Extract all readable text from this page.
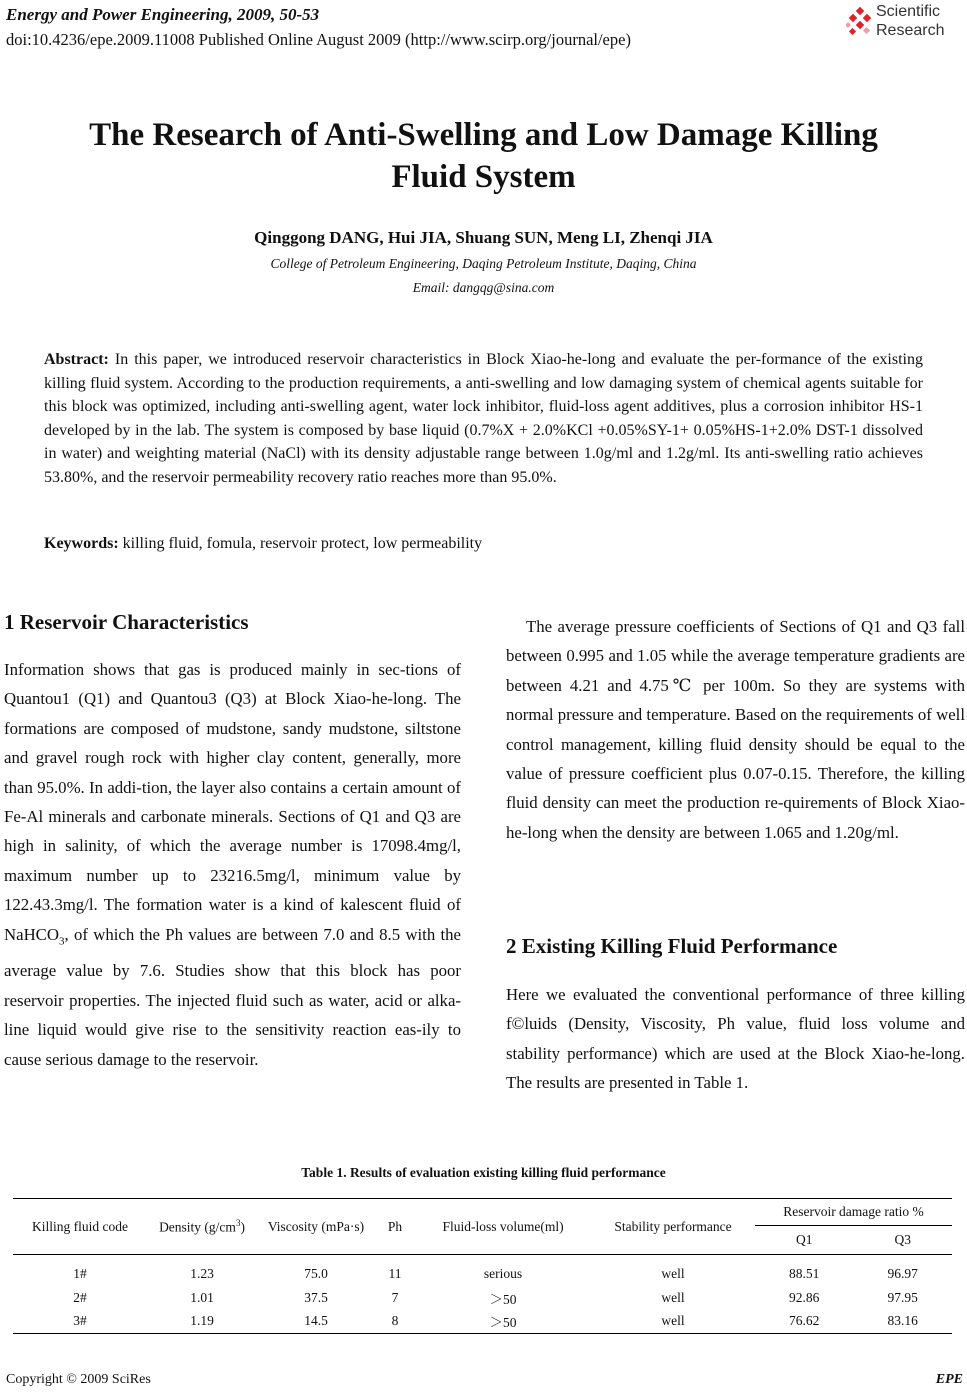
Energy and Power Engineering, 2009, 50-53
doi:10.4236/epe.2009.11008 Published Online August 2009 (http://www.scirp.org/journal/epe)
Scientific
Research
The Research of Anti-Swelling and Low Damage Killing
Fluid System
Qinggong DANG, Hui JIA, Shuang SUN, Meng LI, Zhenqi JIA
College of Petroleum Engineering, Daqing Petroleum Institute, Daqing, China
Email: dangqg@sina.com
Abstract: In this paper, we introduced reservoir characteristics in Block Xiao-he-long and evaluate the per-formance of the existing killing fluid system. According to the production requirements, a anti-swelling and low damaging system of chemical agents suitable for this block was optimized, including anti-swelling agent, water lock inhibitor, fluid-loss agent additives, plus a corrosion inhibitor HS-1 developed by in the lab. The system is composed by base liquid (0.7%X + 2.0%KCl +0.05%SY-1+ 0.05%HS-1+2.0% DST-1 dissolved in water) and weighting material (NaCl) with its density adjustable range between 1.0g/ml and 1.2g/ml. Its anti-swelling ratio achieves 53.80%, and the reservoir permeability recovery ratio reaches more than 95.0%.
Keywords: killing fluid, fomula, reservoir protect, low permeability
1 Reservoir Characteristics
Information shows that gas is produced mainly in sec-tions of Quantou1 (Q1) and Quantou3 (Q3) at Block Xiao-he-long. The formations are composed of mudstone, sandy mudstone, siltstone and gravel rough rock with higher clay content, generally, more than 95.0%. In addi-tion, the layer also contains a certain amount of Fe-Al minerals and carbonate minerals. Sections of Q1 and Q3 are high in salinity, of which the average number is 17098.4mg/l, maximum number up to 23216.5mg/l, minimum value by 122.43.3mg/l. The formation water is a kind of kalescent fluid of NaHCO$_3$, of which the Ph values are between 7.0 and 8.5 with the average value by 7.6. Studies show that this block has poor reservoir properties. The injected fluid such as water, acid or alka-line liquid would give rise to the sensitivity reaction eas-ily to cause serious damage to the reservoir.
The average pressure coefficients of Sections of Q1 and Q3 fall between 0.995 and 1.05 while the average temperature gradients are between 4.21 and 4.75℃ per 100m. So they are systems with normal pressure and temperature. Based on the requirements of well control management, killing fluid density should be equal to the value of pressure coefficient plus 0.07-0.15. Therefore, the killing fluid density can meet the production re-quirements of Block Xiao-he-long when the density are between 1.065 and 1.20g/ml.
2 Existing Killing Fluid Performance
Here we evaluated the conventional performance of three killing f©luids (Density, Viscosity, Ph value, fluid loss volume and stability performance) which are used at the Block Xiao-he-long. The results are presented in Table 1.
Table 1. Results of evaluation existing killing fluid performance
Killing fluid code	Density $(g/cm^3)$	Viscosity (mPa·s)	Ph	Fluid-loss volume(ml)	Stability performance	Reservoir damage ratio %	
						Q1	Q3
1#	1.23	75.0	11	serious	well	88.51	96.97
2#	1.01	37.5	7	＞50	well	92.86	97.95
3#	1.19	14.5	8	＞50	well	76.62	83.16
Copyright © 2009 SciRes	EPE
